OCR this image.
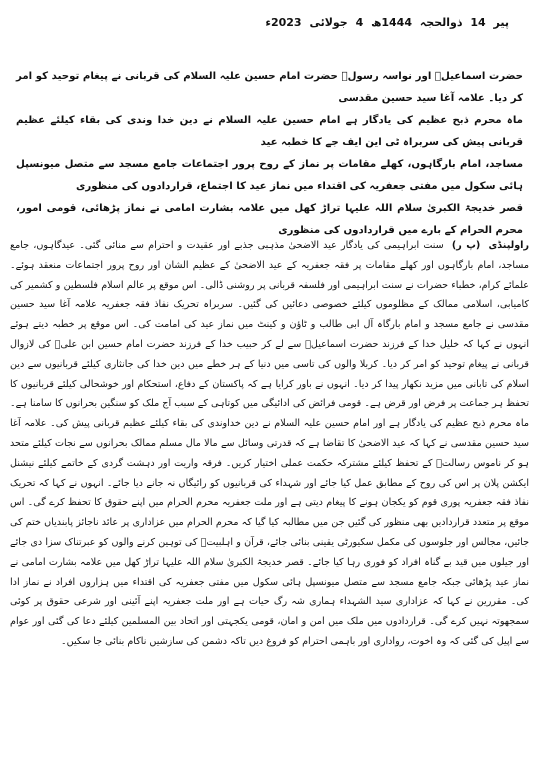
پیر 14 ذوالحجہ 1444ھ 4 جولائی 2023ء

حضرت اسماعیلؑ اور نواسہ رسولؐ حضرت امام حسین علیہ السلام کی قربانی نے پیغام توحید کو امر کر دیا۔ علامہ آغا سید حسین مقدسی

ماہ محرم ذبح عظیم کی یادگار ہے امام حسین علیہ السلام نے دین خدا وندی کی بقاء کیلئے عظیم قربانی پیش کی سربراہ ٹی این ایف جے کا خطبہ عید

مساجد، امام بارگاہوں، کھلے مقامات پر نماز کے روح پرور اجتماعات جامع مسجد سے متصل میونسپل ہائی سکول میں مفتی جعفریہ کی اقتداء میں نماز عید کا اجتماع، قراردادوں کی منظوری

قصر خدیجۃ الکبریٰ سلام اللہ علیہا تراڑ کھل میں علامہ بشارت امامی نے نماز پڑھائی، قومی امور، محرم الحرام کے بارے میں قراردادوں کی منظوری

راولپنڈی (پ ر) سنت ابراہیمی کی یادگار عید الاضحیٰ مذہبی جذبے اور عقیدت و احترام سے منائی گئی۔ عیدگاہوں، جامع مساجد، امام بارگاہوں اور کھلے مقامات پر فقہ جعفریہ کے عید الاضحیٰ کے عظیم الشان اور روح پرور اجتماعات منعقد ہوئے۔ علمائے کرام، خطباء حضرات نے سنت ابراہیمی اور فلسفہ قربانی پر روشنی ڈالی۔ اس موقع پر عالم اسلام فلسطین و کشمیر کی کامیابی، اسلامی ممالک کے مظلوموں کیلئے خصوصی دعائیں کی گئیں۔ سربراہ تحریک نفاذ فقہ جعفریہ علامہ آغا سید حسین مقدسی نے جامع مسجد و امام بارگاہ آل ابی طالب و ٹاؤن و کینٹ میں نماز عید کی امامت کی۔ اس موقع پر خطبہ دیتے ہوئے انہوں نے کہا کہ خلیل خدا کے فرزند حضرت اسماعیلؑ سے لے کر حبیب خدا کے فرزند حضرت امام حسین ابن علیؑ کی لازوال قربانی نے پیغام توحید کو امر کر دیا۔ کربلا والوں کی تاسی میں دنیا کے ہر خطے میں دین خدا کی جانثاری کیلئے قربانیوں سے دین اسلام کی تابانی میں مزید نکھار پیدا کر دیا۔ انہوں نے باور کرایا ہے کہ پاکستان کے دفاع، استحکام اور خوشحالی کیلئے قربانیوں کا تحفظ ہر جماعت پر فرض اور قرض ہے۔ قومی فرائض کی ادائیگی میں کوتاہی کے سبب آج ملک کو سنگین بحرانوں کا سامنا ہے۔ ماہ محرم ذبح عظیم کی یادگار ہے اور امام حسین علیہ السلام نے دین خداوندی کی بقاء کیلئے عظیم قربانی پیش کی۔ علامہ آغا سید حسین مقدسی نے کہا کہ عید الاضحیٰ کا تقاضا ہے کہ قدرتی وسائل سے مالا مال مسلم ممالک بحرانوں سے نجات کیلئے متحد ہو کر ناموس رسالتؐ کے تحفظ کیلئے مشترکہ حکمت عملی اختیار کریں۔ فرقہ واریت اور دہشت گردی کے خاتمے کیلئے نیشنل ایکشن پلان پر اس کی روح کے مطابق عمل کیا جائے اور شہداء کی قربانیوں کو رائیگاں نہ جانے دیا جائے۔ انہوں نے کہا کہ تحریک نفاذ فقہ جعفریہ پوری قوم کو یکجان ہونے کا پیغام دیتی ہے اور ملت جعفریہ محرم الحرام میں اپنے حقوق کا تحفظ کرے گی۔ اس موقع پر متعدد قراردادیں بھی منظور کی گئیں جن میں مطالبہ کیا گیا کہ محرم الحرام میں عزاداری پر عائد ناجائز پابندیاں ختم کی جائیں، مجالس اور جلوسوں کی مکمل سکیورٹی یقینی بنائی جائے، قرآن و اہلبیتؑ کی توہین کرنے والوں کو عبرتناک سزا دی جائے اور جیلوں میں قید بے گناہ افراد کو فوری رہا کیا جائے۔ قصر خدیجۃ الکبریٰ سلام اللہ علیہا تراڑ کھل میں علامہ بشارت امامی نے نماز عید پڑھائی جبکہ جامع مسجد سے متصل میونسپل ہائی سکول میں مفتی جعفریہ کی اقتداء میں ہزاروں افراد نے نماز ادا کی۔ مقررین نے کہا کہ عزاداری سید الشہداء ہماری شہ رگ حیات ہے اور ملت جعفریہ اپنے آئینی اور شرعی حقوق پر کوئی سمجھوتہ نہیں کرے گی۔ قراردادوں میں ملک میں امن و امان، قومی یکجہتی اور اتحاد بین المسلمین کیلئے دعا کی گئی اور عوام سے اپیل کی گئی کہ وہ اخوت، رواداری اور باہمی احترام کو فروغ دیں تاکہ دشمن کی سازشیں ناکام بنائی جا سکیں۔
